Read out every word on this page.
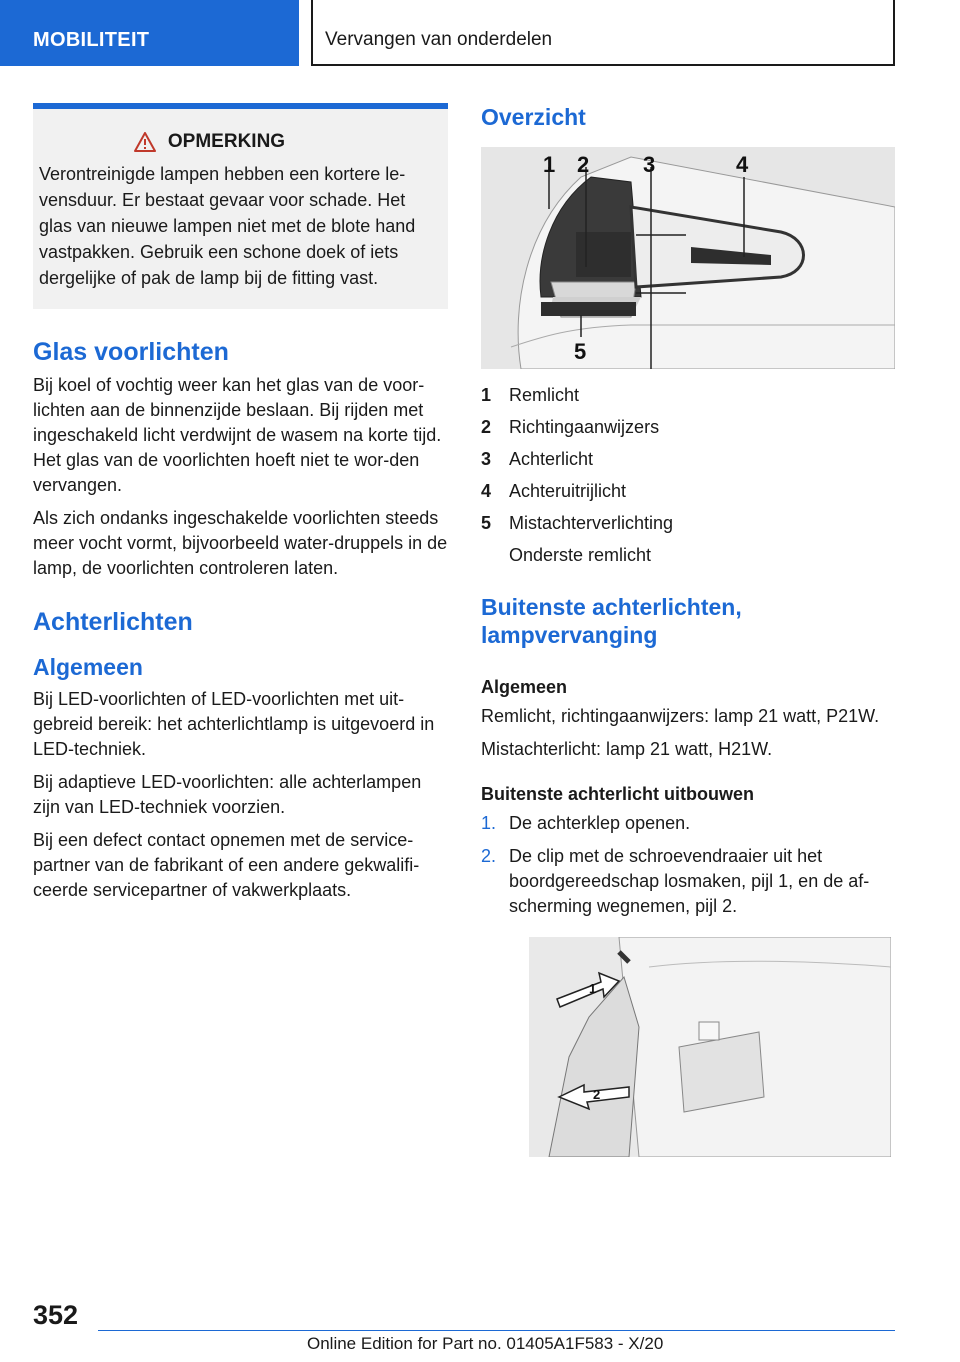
MOBILITEIT	Vervangen van onderdelen
OPMERKING
Verontreinigde lampen hebben een kortere le-vensduur. Er bestaat gevaar voor schade. Het glas van nieuwe lampen niet met de blote hand vastpakken. Gebruik een schone doek of iets dergelijke of pak de lamp bij de fitting vast.
Glas voorlichten

Bij koel of vochtig weer kan het glas van de voor-lichten aan de binnenzijde beslaan. Bij rijden met ingeschakeld licht verdwijnt de wasem na korte tijd. Het glas van de voorlichten hoeft niet te wor-den vervangen.

Als zich ondanks ingeschakelde voorlichten steeds meer vocht vormt, bijvoorbeeld water-druppels in de lamp, de voorlichten controleren laten.

Achterlichten
Algemeen

Bij LED-voorlichten of LED-voorlichten met uit-gebreid bereik: het achterlichtlamp is uitgevoerd in LED-techniek.

Bij adaptieve LED-voorlichten: alle achterlampen zijn van LED-techniek voorzien.

Bij een defect contact opnemen met de service-partner van de fabrikant of een andere gekwalifi-ceerde servicepartner of vakwerkplaats.

Overzicht
1 2 3	4
5
1 Remlicht
2 Richtingaanwijzers
3 Achterlicht
4 Achteruitrijlicht
5 Mistachterverlichting
Onderste remlicht
Buitenste achterlichten, lampvervanging
Algemeen

Remlicht, richtingaanwijzers: lamp 21 watt, P21W.

Mistachterlicht: lamp 21 watt, H21W.

Buitenste achterlicht uitbouwen
1. De achterklep openen.
2. De clip met de schroevendraaier uit het boordgereedschap losmaken, pijl 1, en de af-scherming wegnemen, pijl 2.
1
2
352
Online Edition for Part no. 01405A1F583 - X/20
